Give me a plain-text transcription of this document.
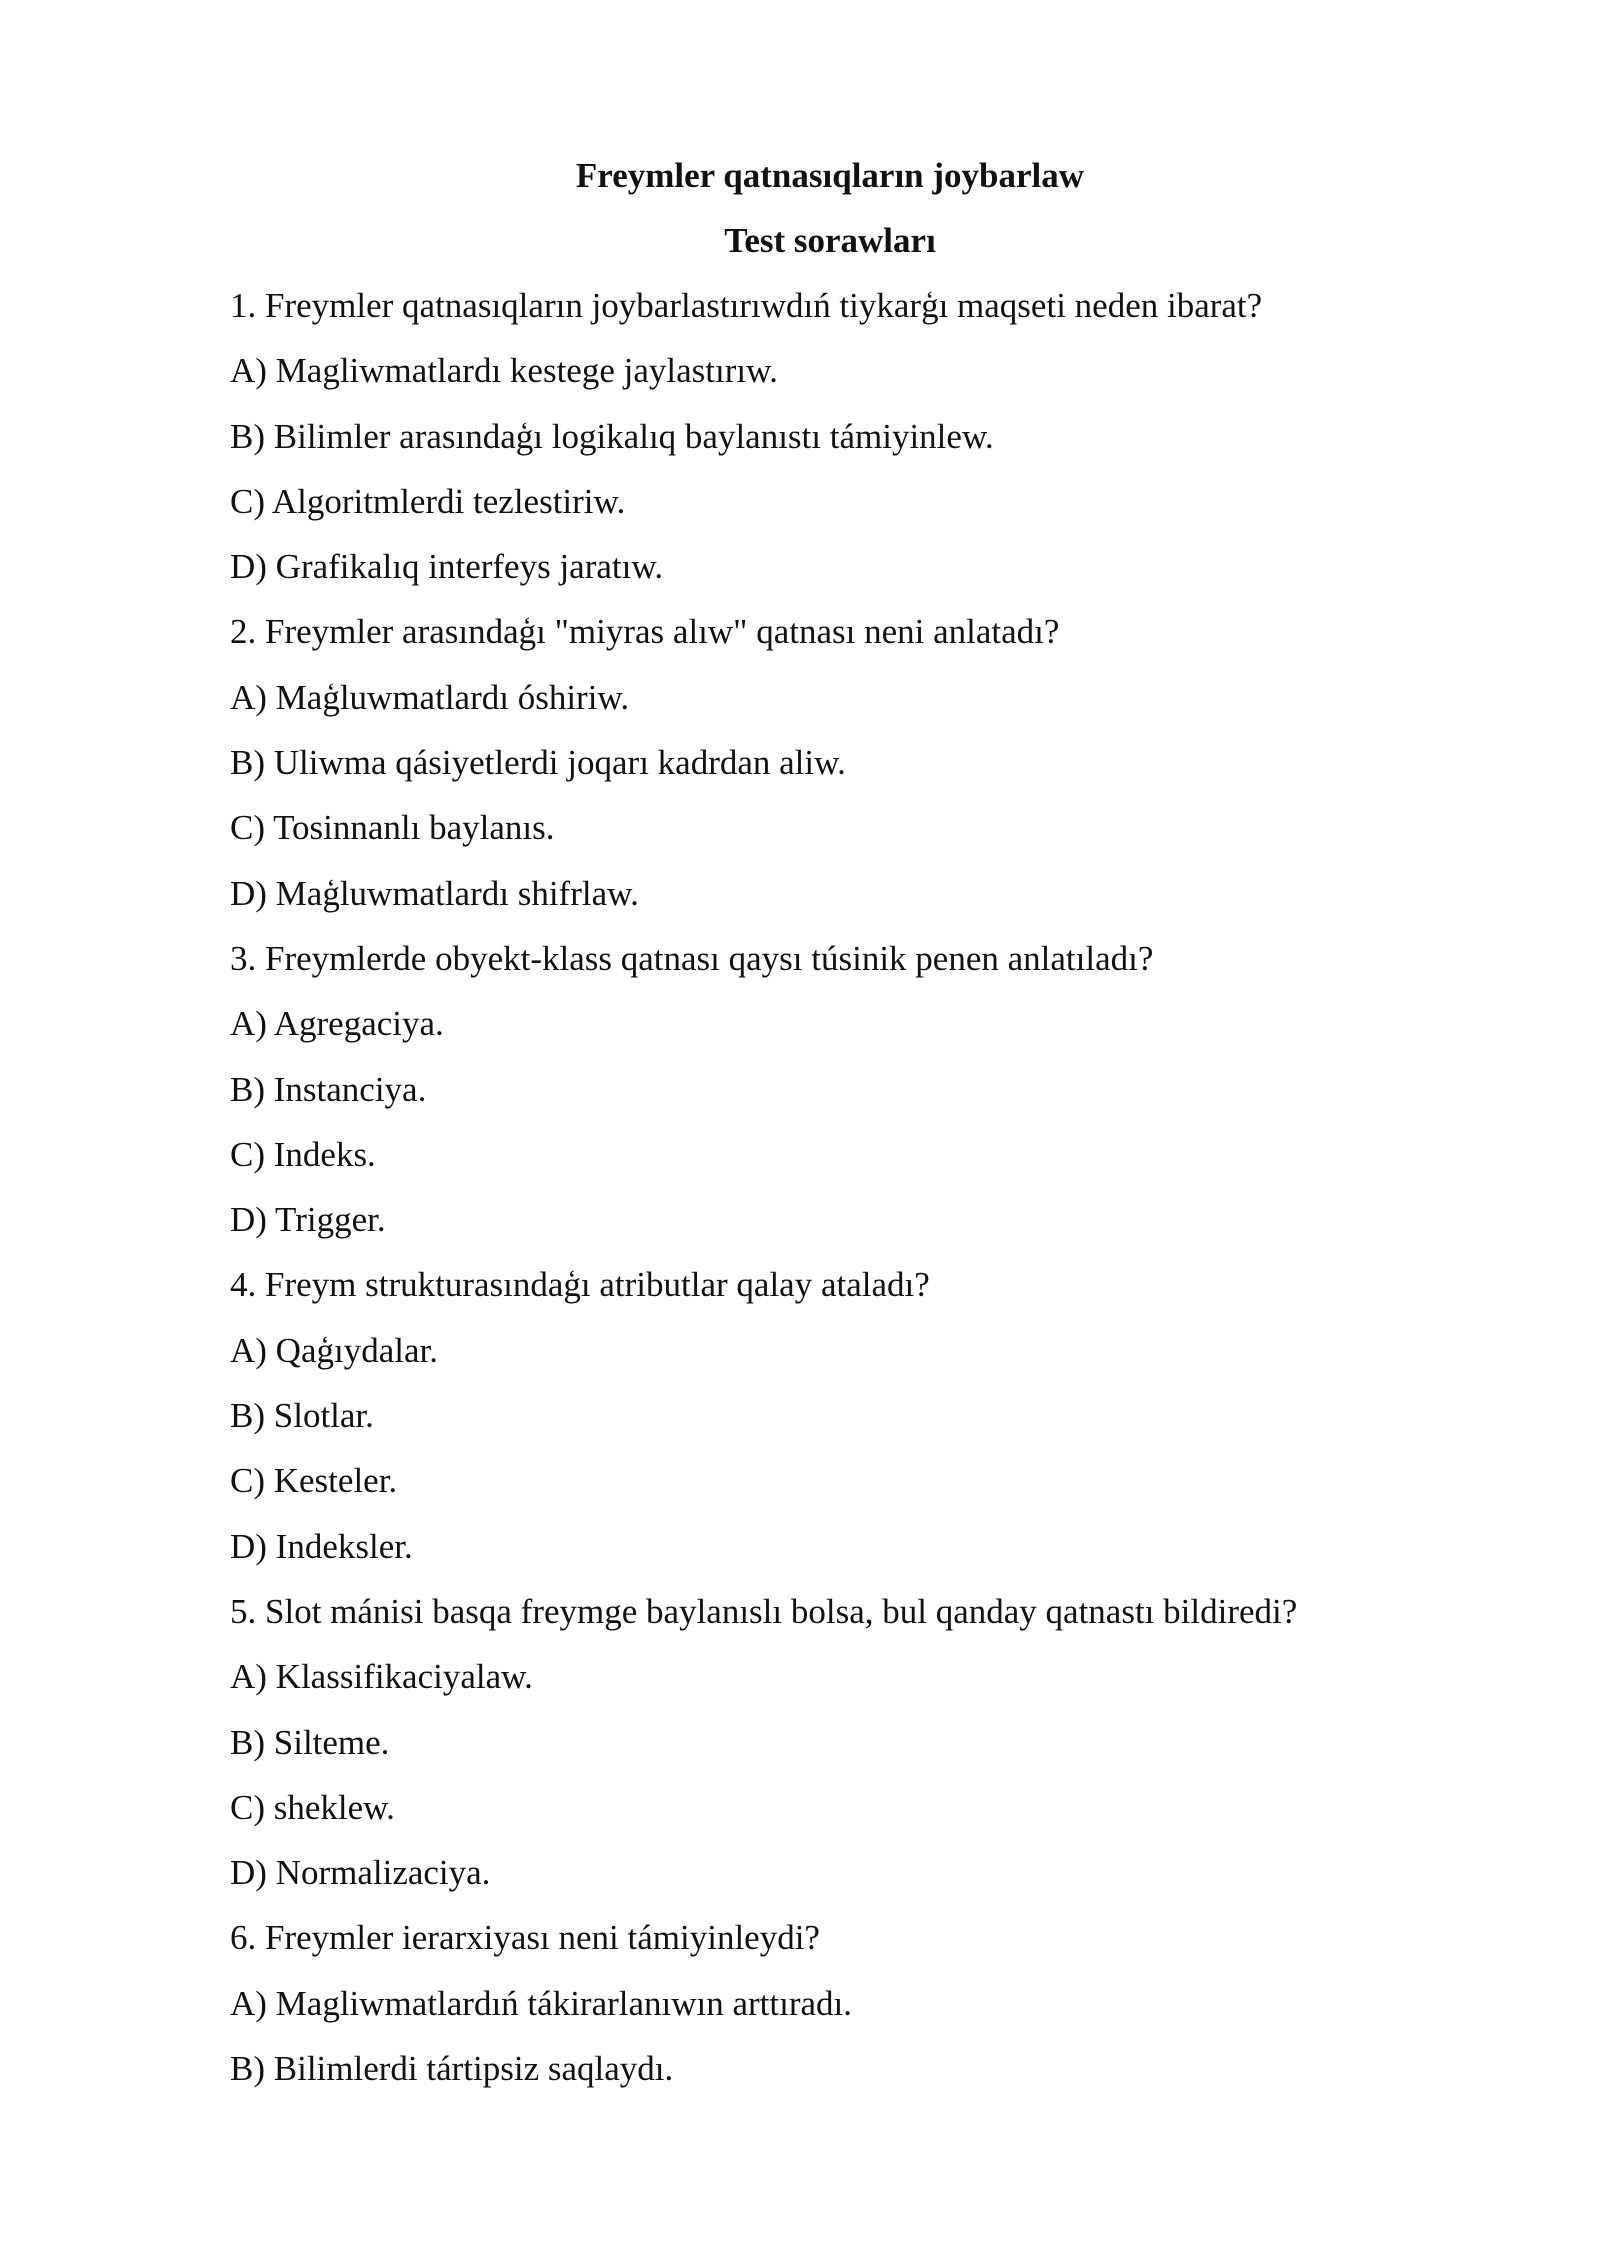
Freymler qatnasıqların joybarlaw
Test sorawları
1. Freymler qatnasıqların joybarlastırıwdıń tiykarģı maqseti neden ibarat?
A) Magliwmatlardı kestege jaylastırıw.
B) Bilimler arasındaģı logikalıq baylanıstı támiyinlew.
C) Algoritmlerdi tezlestiriw.
D) Grafikalıq interfeys jaratıw.
2. Freymler arasındaģı "miyras alıw" qatnası neni anlatadı?
A) Maģluwmatlardı óshiriw.
B) Uliwma qásiyetlerdi joqarı kadrdan aliw.
C) Tosinnanlı baylanıs.
D) Maģluwmatlardı shifrlaw.
3. Freymlerde obyekt-klass qatnası qaysı túsinik penen anlatıladı?
A) Agregaciya.
B) Instanciya.
C) Indeks.
D) Trigger.
4. Freym strukturasındaģı atributlar qalay ataladı?
A) Qaģıydalar.
B) Slotlar.
C) Kesteler.
D) Indeksler.
5. Slot mánisi basqa freymge baylanıslı bolsa, bul qanday qatnastı bildiredi?
A) Klassifikaciyalaw.
B) Silteme.
C) sheklew.
D) Normalizaciya.
6. Freymler ierarxiyası neni támiyinleydi?
A) Magliwmatlardıń tákirarlanıwın arttıradı.
B) Bilimlerdi tártipsiz saqlaydı.
